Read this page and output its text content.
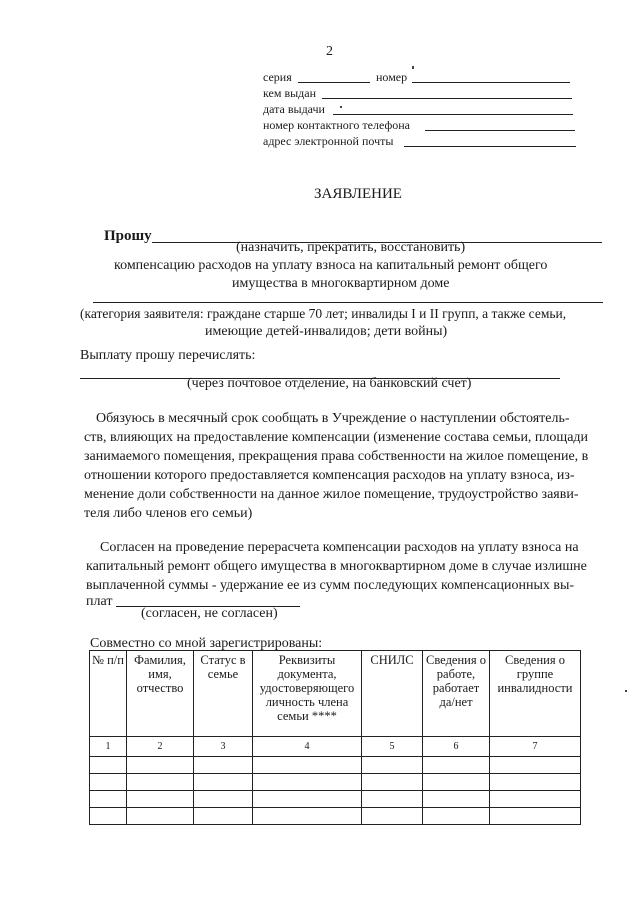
2
серия	номер
кем выдан
дата выдачи
номер контактного телефона
адрес электронной почты
ЗАЯВЛЕНИЕ
Прошу
(назначить, прекратить, восстановить)
компенсацию расходов на уплату взноса на капитальный ремонт общего
имущества в многоквартирном доме
(категория заявителя: граждане старше 70 лет; инвалиды I и II групп, а также семьи,
имеющие детей-инвалидов; дети войны)
Выплату прошу перечислять:
(через почтовое отделение, на банковский счет)
Обязуюсь в месячный срок сообщать в Учреждение о наступлении обстоятель-
ств, влияющих на предоставление компенсации (изменение состава семьи, площади
занимаемого помещения, прекращения права собственности на жилое помещение, в
отношении которого предоставляется компенсация расходов на уплату взноса, из-
менение доли собственности на данное жилое помещение, трудоустройство заяви-
теля либо членов его семьи)
Согласен на проведение перерасчета компенсации расходов на уплату взноса на
капитальный ремонт общего имущества в многоквартирном доме в случае излишне
выплаченной суммы - удержание ее из сумм последующих компенсационных вы-
плат
(согласен, не согласен)
Совместно со мной зарегистрированы:
№ п/п	Фамилия, имя, отчество	Статус в семье	Реквизиты документа, удостоверяющего личность члена семьи ****	СНИЛС	Сведения о работе, работает да/нет	Сведения о группе инвалидности
1	2	3	4	5	6	7
